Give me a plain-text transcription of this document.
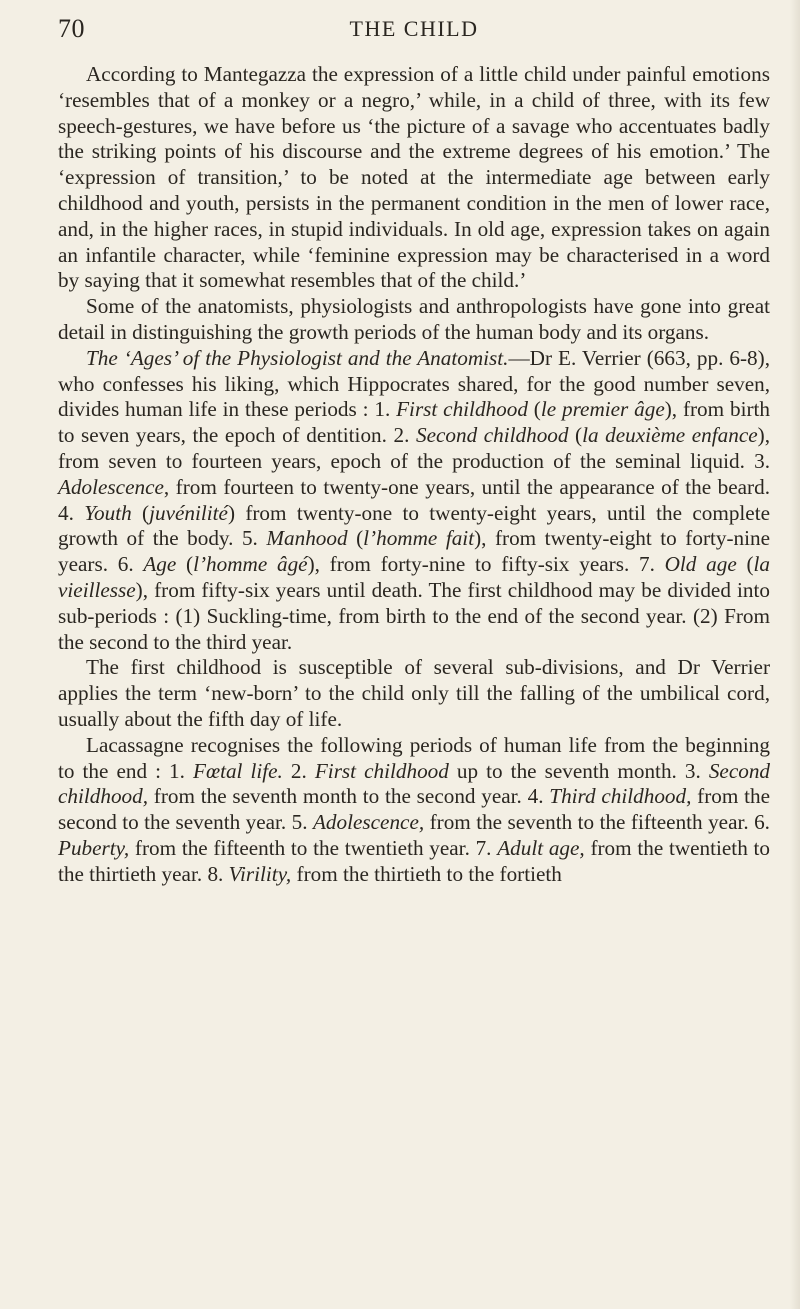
70	THE CHILD

According to Mantegazza the expression of a little child under painful emotions ‘resembles that of a monkey or a negro,’ while, in a child of three, with its few speech-gestures, we have before us ‘the picture of a savage who accentuates badly the striking points of his discourse and the extreme degrees of his emotion.’ The ‘expression of transition,’ to be noted at the intermediate age between early childhood and youth, persists in the permanent condition in the men of lower race, and, in the higher races, in stupid individuals. In old age, expression takes on again an infantile character, while ‘feminine expression may be characterised in a word by saying that it somewhat resembles that of the child.’

Some of the anatomists, physiologists and anthropologists have gone into great detail in distinguishing the growth periods of the human body and its organs.

The ‘Ages’ of the Physiologist and the Anatomist.—Dr E. Verrier (663, pp. 6-8), who confesses his liking, which Hippocrates shared, for the good number seven, divides human life in these periods : 1. First childhood (le premier âge), from birth to seven years, the epoch of dentition. 2. Second childhood (la deuxième enfance), from seven to fourteen years, epoch of the production of the seminal liquid. 3. Adolescence, from fourteen to twenty-one years, until the appearance of the beard. 4. Youth (juvénilité) from twenty-one to twenty-eight years, until the complete growth of the body. 5. Manhood (l’homme fait), from twenty-eight to forty-nine years. 6. Age (l’homme âgé), from forty-nine to fifty-six years. 7. Old age (la vieillesse), from fifty-six years until death. The first childhood may be divided into sub-periods : (1) Suckling-time, from birth to the end of the second year. (2) From the second to the third year.

The first childhood is susceptible of several sub-divisions, and Dr Verrier applies the term ‘new-born’ to the child only till the falling of the umbilical cord, usually about the fifth day of life.

Lacassagne recognises the following periods of human life from the beginning to the end : 1. Fœtal life. 2. First childhood up to the seventh month. 3. Second childhood, from the seventh month to the second year. 4. Third childhood, from the second to the seventh year. 5. Adolescence, from the seventh to the fifteenth year. 6. Puberty, from the fifteenth to the twentieth year. 7. Adult age, from the twentieth to the thirtieth year. 8. Virility, from the thirtieth to the fortieth
